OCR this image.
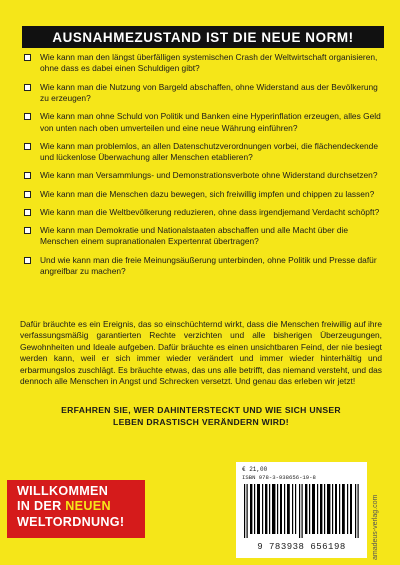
AUSNAHMEZUSTAND IST DIE NEUE NORM!
Wie kann man den längst überfälligen systemischen Crash der Weltwirtschaft organisieren, ohne dass es dabei einen Schuldigen gibt?
Wie kann man die Nutzung von Bargeld abschaffen, ohne Widerstand aus der Bevölkerung zu erzeugen?
Wie kann man ohne Schuld von Politik und Banken eine Hyperinflation erzeugen, alles Geld von unten nach oben umverteilen und eine neue Währung einführen?
Wie kann man problemlos, an allen Datenschutzverordnungen vorbei, die flächendeckende und lückenlose Überwachung aller Menschen etablieren?
Wie kann man Versammlungs- und Demonstrationsverbote ohne Widerstand durchsetzen?
Wie kann man die Menschen dazu bewegen, sich freiwillig impfen und chippen zu lassen?
Wie kann man die Weltbevölkerung reduzieren, ohne dass irgendjemand Verdacht schöpft?
Wie kann man Demokratie und Nationalstaaten abschaffen und alle Macht über die Menschen einem supranationalen Expertenrat übertragen?
Und wie kann man die freie Meinungsäußerung unterbinden, ohne Politik und Presse dafür angreifbar zu machen?

Dafür bräuchte es ein Ereignis, das so einschüchternd wirkt, dass die Menschen freiwillig auf ihre verfassungsmäßig garantierten Rechte verzichten und alle bisherigen Überzeugungen, Gewohnheiten und Ideale aufgeben. Dafür bräuchte es einen unsichtbaren Feind, der nie besiegt werden kann, weil er sich immer wieder verändert und immer wieder hinterhältig und erbarmungslos zuschlägt. Es bräuchte etwas, das uns alle betrifft, das niemand versteht, und das dennoch alle Menschen in Angst und Schrecken versetzt. Und genau das erleben wir jetzt!

ERFAHREN SIE, WER DAHINTERSTECKT UND WIE SICH UNSER
LEBEN DRASTISCH VERÄNDERN WIRD!
WILLKOMMEN
IN DER NEUEN
WELTORDNUNG!
€ 21,00
ISBN 978-3-938656-19-8
9 783938 656198	amadeus-verlag.com
